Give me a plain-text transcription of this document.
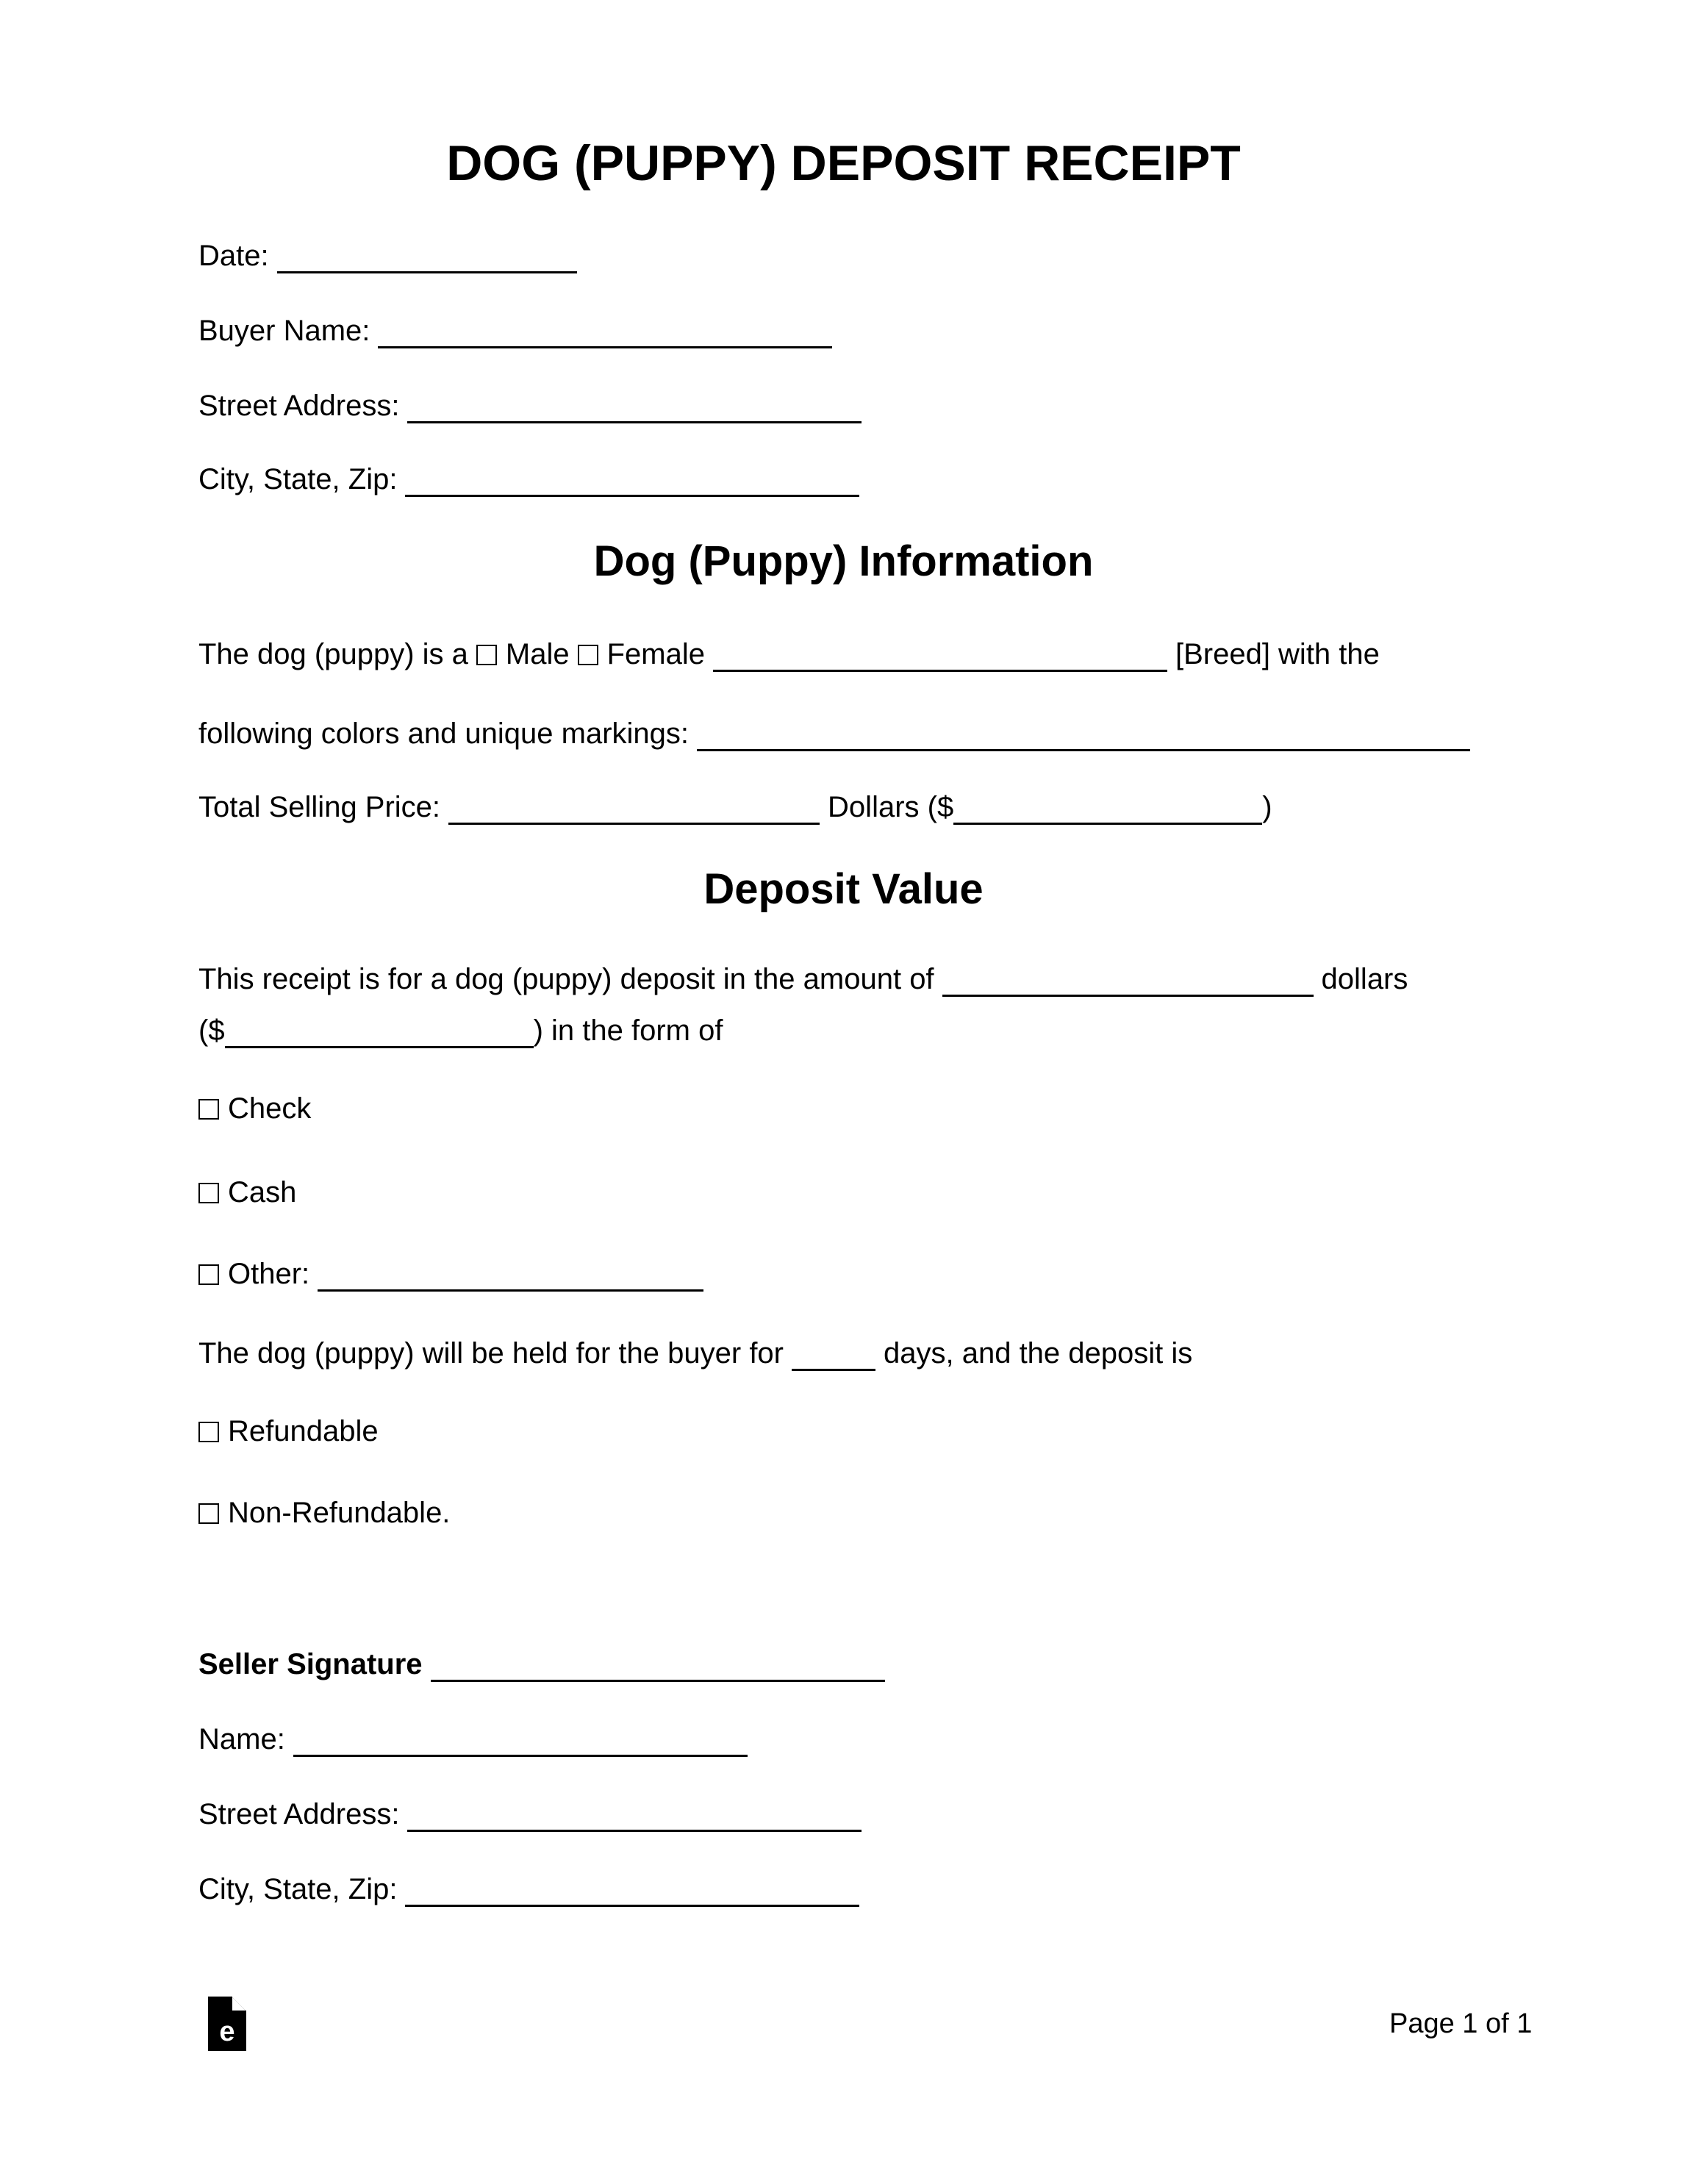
DOG (PUPPY) DEPOSIT RECEIPT
Date:
Buyer Name:
Street Address:
City, State, Zip:
Dog (Puppy) Information
The dog (puppy) is a Male Female	[Breed] with the
following colors and unique markings:
Total Selling Price:	Dollars ($	)
Deposit Value
This receipt is for a dog (puppy) deposit in the amount of	dollars
($	) in the form of
Check
Cash
Other:
The dog (puppy) will be held for the buyer for	days, and the deposit is
Refundable
Non-Refundable.
Seller Signature
Name:
Street Address:
City, State, Zip:
e	Page 1 of 1
